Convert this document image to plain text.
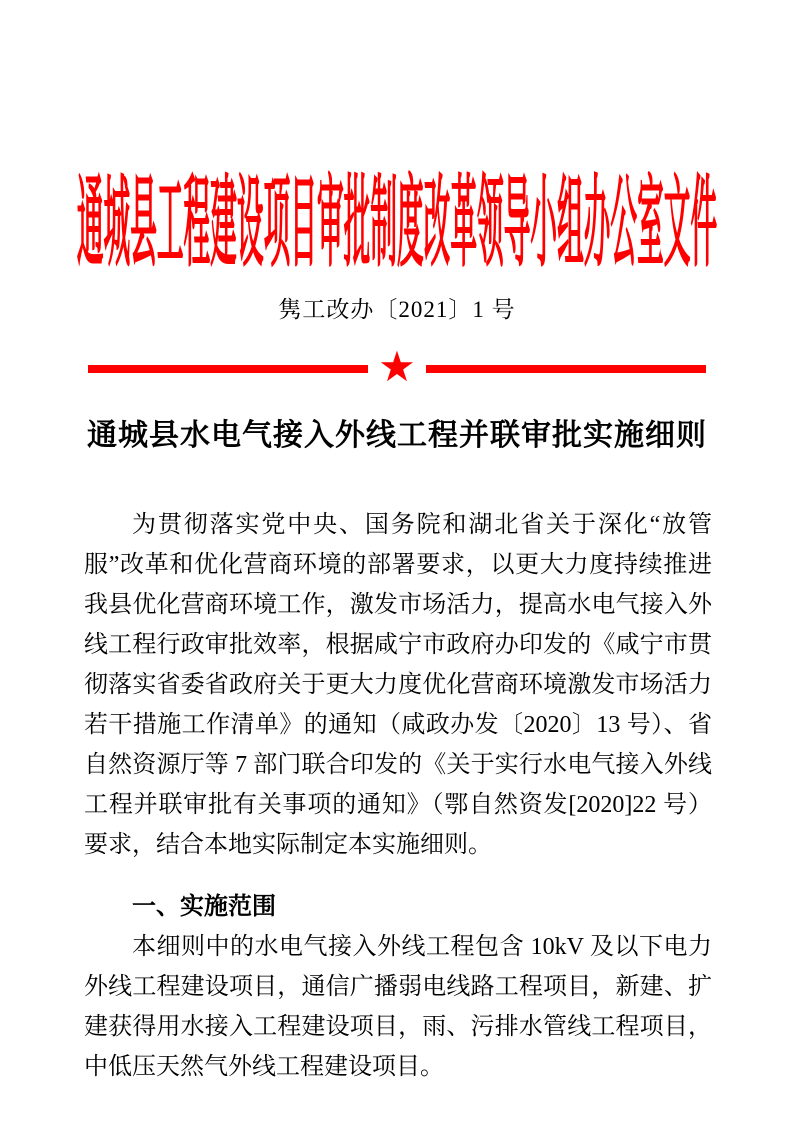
通城县工程建设项目审批制度改革领导小组办公室文件
隽工改办〔2021〕1 号
★
通城县水电气接入外线工程并联审批实施细则

为贯彻落实党中央、国务院和湖北省关于深化“放管服”改革和优化营商环境的部署要求，以更大力度持续推进我县优化营商环境工作，激发市场活力，提高水电气接入外线工程行政审批效率，根据咸宁市政府办印发的《咸宁市贯彻落实省委省政府关于更大力度优化营商环境激发市场活力若干措施工作清单》的通知（咸政办发〔2020〕13 号）、省自然资源厅等 7 部门联合印发的《关于实行水电气接入外线工程并联审批有关事项的通知》（鄂自然资发[2020]22 号）要求，结合本地实际制定本实施细则。

一、实施范围

本细则中的水电气接入外线工程包含 10kV 及以下电力外线工程建设项目，通信广播弱电线路工程项目，新建、扩建获得用水接入工程建设项目，雨、污排水管线工程项目，中低压天然气外线工程建设项目。
